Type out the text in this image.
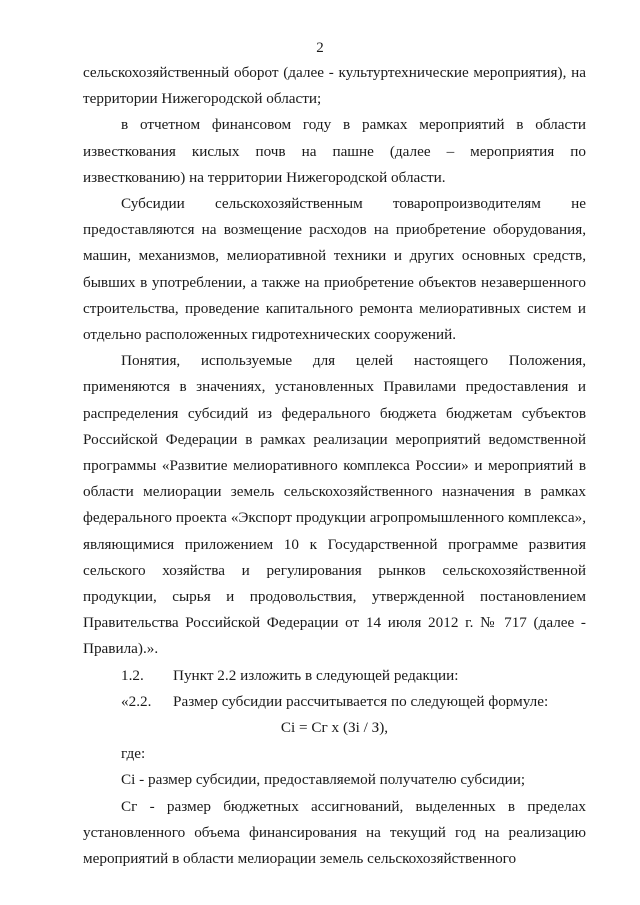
2

сельскохозяйственный оборот (далее - культуртехнические мероприятия), на территории Нижегородской области;

в отчетном финансовом году в рамках мероприятий в области известкования кислых почв на пашне (далее – мероприятия по известкованию) на территории Нижегородской области.

Субсидии сельскохозяйственным товаропроизводителям не предоставляются на возмещение расходов на приобретение оборудования, машин, механизмов, мелиоративной техники и других основных средств, бывших в употреблении, а также на приобретение объектов незавершенного строительства, проведение капитального ремонта мелиоративных систем и отдельно расположенных гидротехнических сооружений.

Понятия, используемые для целей настоящего Положения, применяются в значениях, установленных Правилами предоставления и распределения субсидий из федерального бюджета бюджетам субъектов Российской Федерации в рамках реализации мероприятий ведомственной программы «Развитие мелиоративного комплекса России» и мероприятий в области мелиорации земель сельскохозяйственного назначения в рамках федерального проекта «Экспорт продукции агропромышленного комплекса», являющимися приложением 10 к Государственной программе развития сельского хозяйства и регулирования рынков сельскохозяйственной продукции, сырья и продовольствия, утвержденной постановлением Правительства Российской Федерации от 14 июля 2012 г. № 717 (далее - Правила).».

1.2. Пункт 2.2 изложить в следующей редакции:

«2.2. Размер субсидии рассчитывается по следующей формуле:

Ci = Сг х (Зi / З),

где:

Ci - размер субсидии, предоставляемой получателю субсидии;

Сг - размер бюджетных ассигнований, выделенных в пределах установленного объема финансирования на текущий год на реализацию мероприятий в области мелиорации земель сельскохозяйственного
